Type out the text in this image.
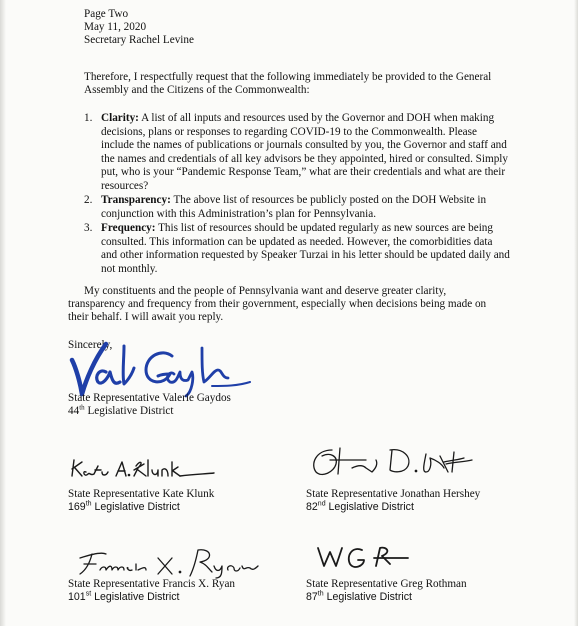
Page Two
May 11, 2020
Secretary Rachel Levine
Therefore, I respectfully request that the following immediately be provided to the General
Assembly and the Citizens of the Commonwealth:
1. Clarity: A list of all inputs and resources used by the Governor and DOH when making decisions, plans or responses to regarding COVID-19 to the Commonwealth. Please include the names of publications or journals consulted by you, the Governor and staff and the names and credentials of all key advisors be they appointed, hired or consulted. Simply put, who is your “Pandemic Response Team,” what are their credentials and what are their resources?
2. Transparency: The above list of resources be publicly posted on the DOH Website in conjunction with this Administration’s plan for Pennsylvania.
3. Frequency: This list of resources should be updated regularly as new sources are being consulted. This information can be updated as needed. However, the comorbidities data and other information requested by Speaker Turzai in his letter should be updated daily and not monthly.
My constituents and the people of Pennsylvania want and deserve greater clarity,
transparency and frequency from their government, especially when decisions being made on
their behalf. I will await you reply.
Sincerely,
State Representative Valerie Gaydos
44th Legislative District
State Representative Kate Klunk
169th Legislative District
State Representative Jonathan Hershey
82nd Legislative District
State Representative Francis X. Ryan
101st Legislative District
State Representative Greg Rothman
87th Legislative District
